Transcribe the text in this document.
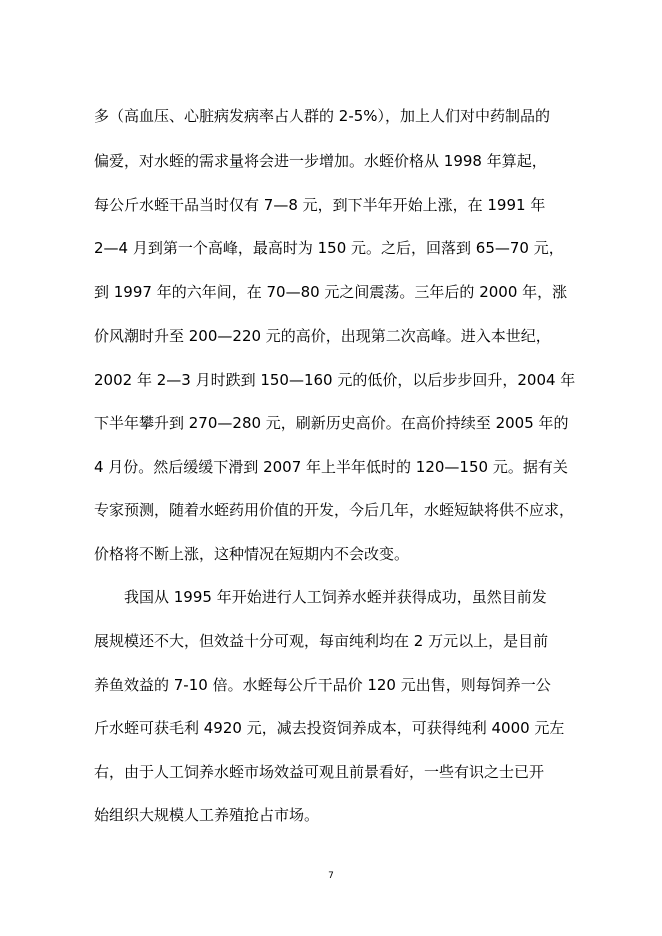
多（高血压、心脏病发病率占人群的 2-5%），加上人们对中药制品的
偏爱，对水蛭的需求量将会进一步增加。水蛭价格从 1998 年算起，
每公斤水蛭干品当时仅有 7—8 元，到下半年开始上涨，在 1991 年
2—4 月到第一个高峰，最高时为 150 元。之后，回落到 65—70 元，
到 1997 年的六年间，在 70—80 元之间震荡。三年后的 2000 年，涨
价风潮时升至 200—220 元的高价，出现第二次高峰。进入本世纪，
2002 年 2—3 月时跌到 150—160 元的低价，以后步步回升，2004 年
下半年攀升到 270—280 元，刷新历史高价。在高价持续至 2005 年的
4 月份。然后缓缓下滑到 2007 年上半年低时的 120—150 元。据有关
专家预测，随着水蛭药用价值的开发，今后几年，水蛭短缺将供不应求，
价格将不断上涨，这种情况在短期内不会改变。
我国从 1995 年开始进行人工饲养水蛭并获得成功，虽然目前发
展规模还不大，但效益十分可观，每亩纯利均在 2 万元以上，是目前
养鱼效益的 7-10 倍。水蛭每公斤干品价 120 元出售，则每饲养一公
斤水蛭可获毛利 4920 元，减去投资饲养成本，可获得纯利 4000 元左
右，由于人工饲养水蛭市场效益可观且前景看好，一些有识之士已开
始组织大规模人工养殖抢占市场。
7
